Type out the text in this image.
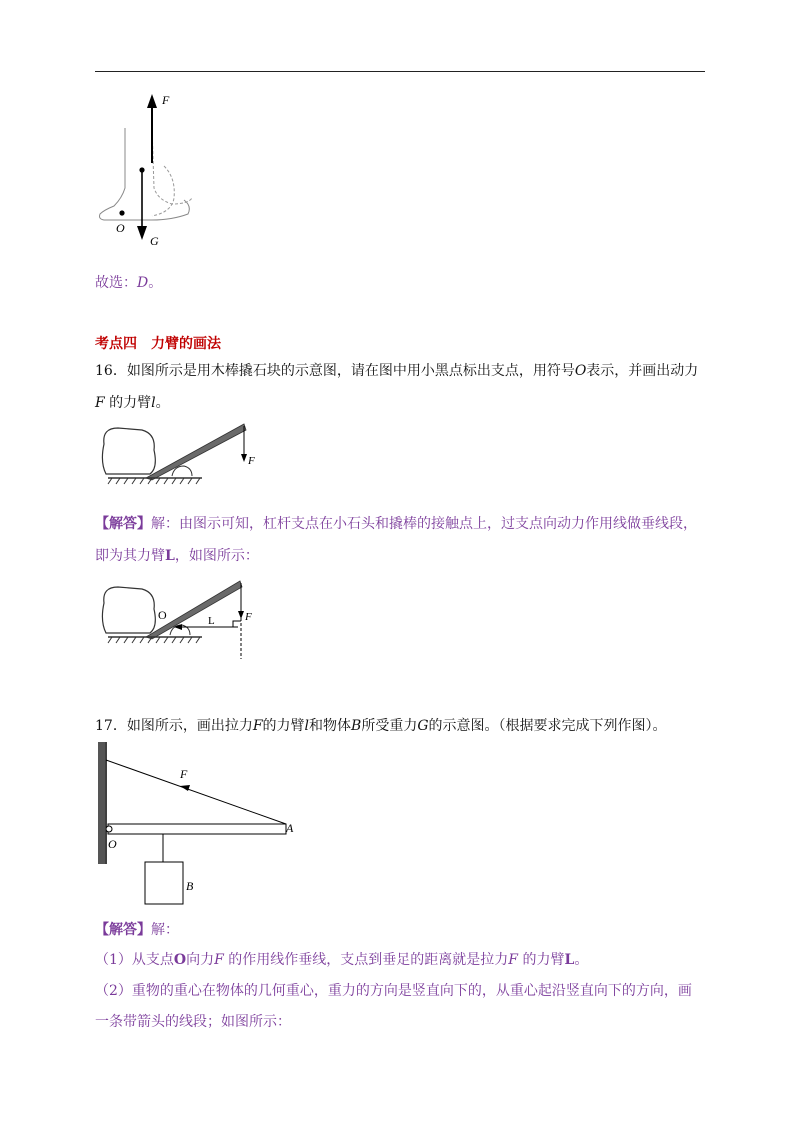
F
O
G
故选：D。
考点四　力臂的画法
16．如图所示是用木棒撬石块的示意图，请在图中用小黑点标出支点，用符号O表示，并画出动力
F 的力臂l。
F
【解答】解：由图示可知，杠杆支点在小石头和撬棒的接触点上，过支点向动力作用线做垂线段，
即为其力臂L，如图所示：
O	L	F
17．如图所示，画出拉力F的力臂l和物体B所受重力G的示意图。（根据要求完成下列作图）。
F
A
O
B
【解答】解：
（1）从支点O向力F 的作用线作垂线，支点到垂足的距离就是拉力F 的力臂L。
（2）重物的重心在物体的几何重心，重力的方向是竖直向下的，从重心起沿竖直向下的方向，画
一条带箭头的线段；如图所示：
